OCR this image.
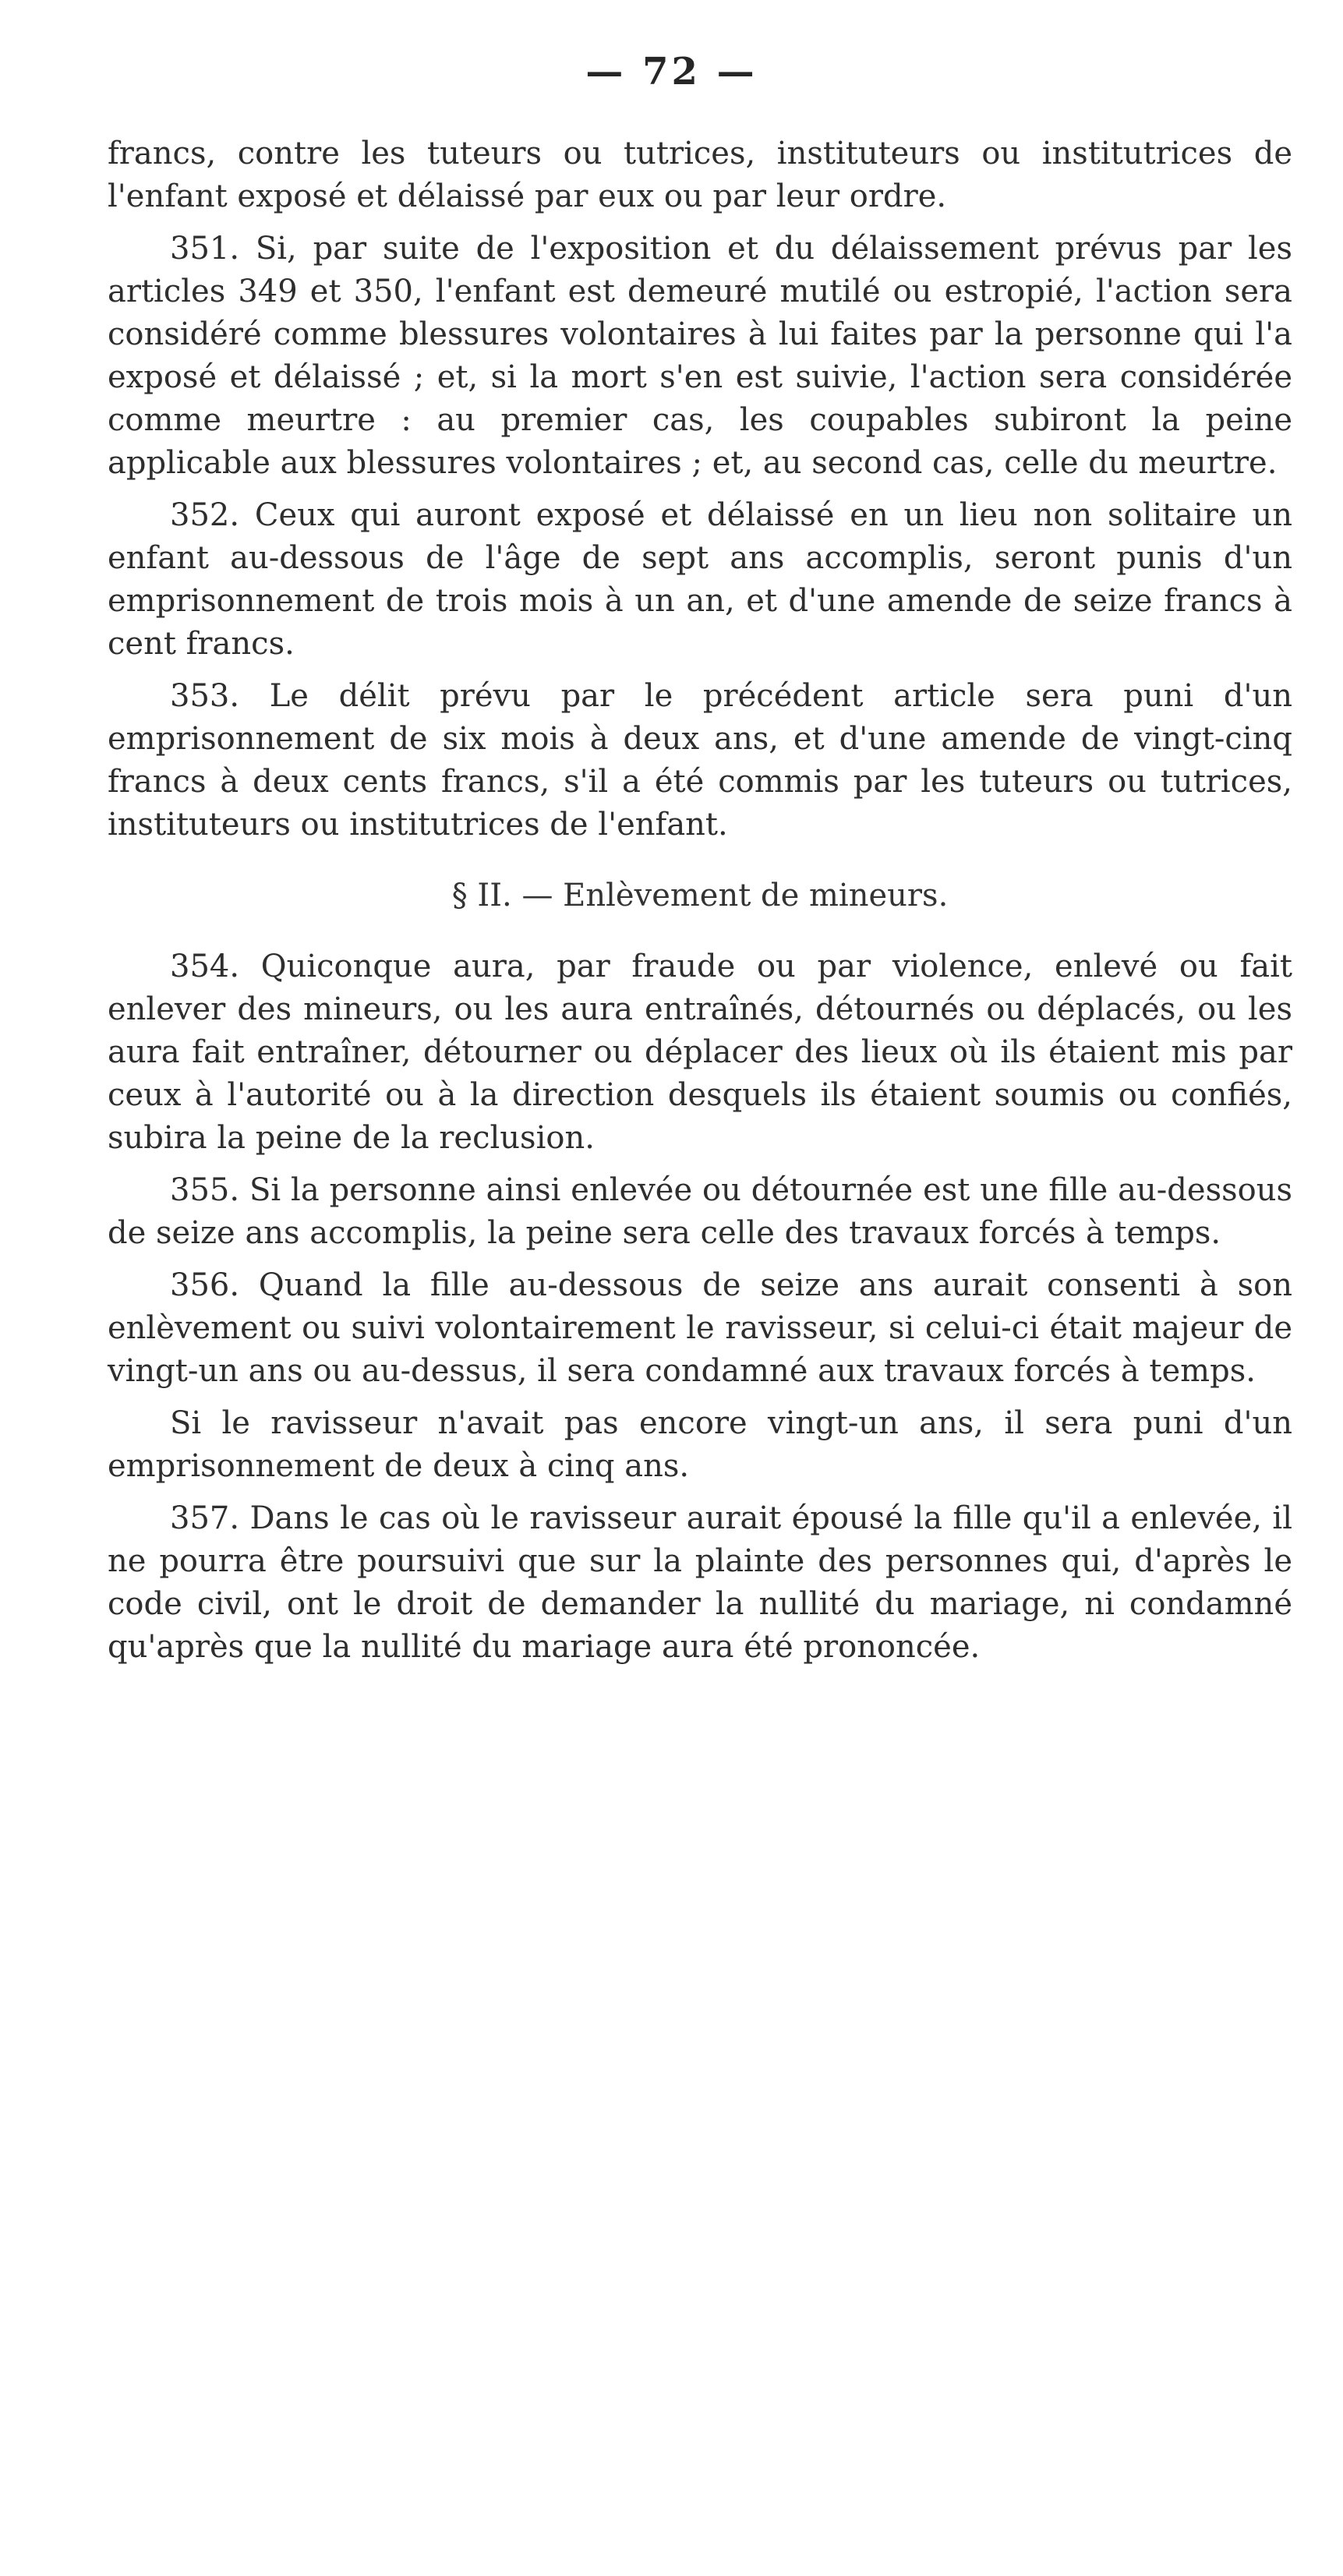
— 72 —

francs, contre les tuteurs ou tutrices, instituteurs ou institutrices de l'enfant exposé et délaissé par eux ou par leur ordre.

351. Si, par suite de l'exposition et du délaissement prévus par les articles 349 et 350, l'enfant est demeuré mutilé ou estropié, l'action sera considéré comme blessures volontaires à lui faites par la personne qui l'a exposé et délaissé ; et, si la mort s'en est suivie, l'action sera considérée comme meurtre : au premier cas, les coupables subiront la peine applicable aux blessures volontaires ; et, au second cas, celle du meurtre.

352. Ceux qui auront exposé et délaissé en un lieu non solitaire un enfant au-dessous de l'âge de sept ans accomplis, seront punis d'un emprisonnement de trois mois à un an, et d'une amende de seize francs à cent francs.

353. Le délit prévu par le précédent article sera puni d'un emprisonnement de six mois à deux ans, et d'une amende de vingt-cinq francs à deux cents francs, s'il a été commis par les tuteurs ou tutrices, instituteurs ou institutrices de l'enfant.

§ II. — Enlèvement de mineurs.

354. Quiconque aura, par fraude ou par violence, enlevé ou fait enlever des mineurs, ou les aura entraînés, détournés ou déplacés, ou les aura fait entraîner, détourner ou déplacer des lieux où ils étaient mis par ceux à l'autorité ou à la direction desquels ils étaient soumis ou confiés, subira la peine de la reclusion.

355. Si la personne ainsi enlevée ou détournée est une fille au-dessous de seize ans accomplis, la peine sera celle des travaux forcés à temps.

356. Quand la fille au-dessous de seize ans aurait consenti à son enlèvement ou suivi volontairement le ravisseur, si celui-ci était majeur de vingt-un ans ou au-dessus, il sera condamné aux travaux forcés à temps.

Si le ravisseur n'avait pas encore vingt-un ans, il sera puni d'un emprisonnement de deux à cinq ans.

357. Dans le cas où le ravisseur aurait épousé la fille qu'il a enlevée, il ne pourra être poursuivi que sur la plainte des personnes qui, d'après le code civil, ont le droit de demander la nullité du mariage, ni condamné qu'après que la nullité du mariage aura été prononcée.
